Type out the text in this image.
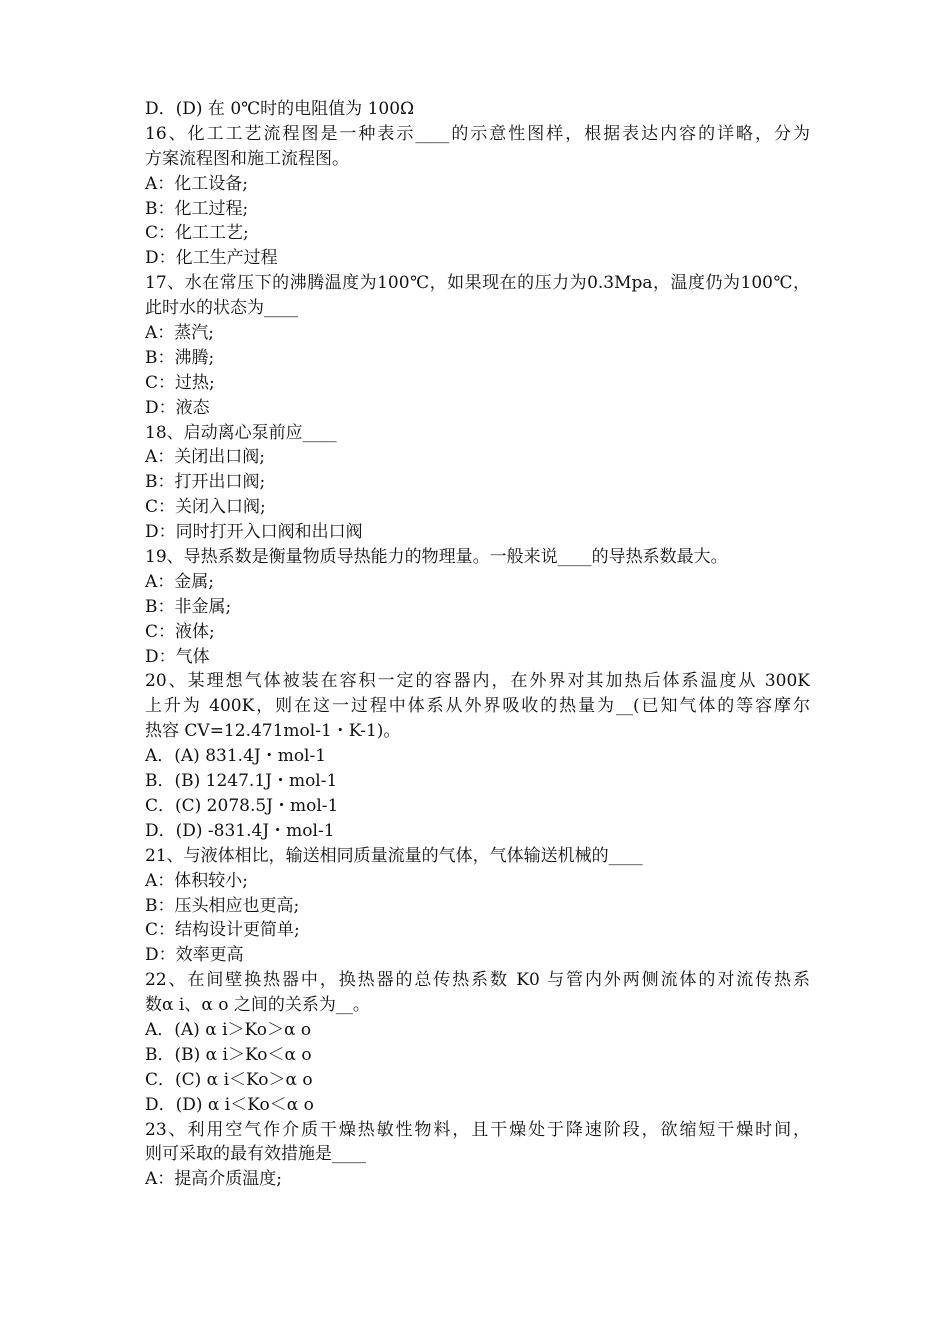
D．(D) 在 0℃时的电阻值为 100Ω
16、化工工艺流程图是一种表示____的示意性图样，根据表达内容的详略，分为
方案流程图和施工流程图。
A：化工设备;
B：化工过程;
C：化工工艺;
D：化工生产过程
17、水在常压下的沸腾温度为100℃，如果现在的压力为0.3Mpa，温度仍为100℃，
此时水的状态为____
A：蒸汽;
B：沸腾;
C：过热;
D：液态
18、启动离心泵前应____
A：关闭出口阀;
B：打开出口阀;
C：关闭入口阀;
D：同时打开入口阀和出口阀
19、导热系数是衡量物质导热能力的物理量。一般来说____的导热系数最大。
A：金属;
B：非金属;
C：液体;
D：气体
20、某理想气体被装在容积一定的容器内，在外界对其加热后体系温度从 300K
上升为 400K，则在这一过程中体系从外界吸收的热量为__(已知气体的等容摩尔
热容 CV=12.471mol-1・K-1)。
A．(A) 831.4J・mol-1
B．(B) 1247.1J・mol-1
C．(C) 2078.5J・mol-1
D．(D) -831.4J・mol-1
21、与液体相比，输送相同质量流量的气体，气体输送机械的____
A：体积较小;
B：压头相应也更高;
C：结构设计更简单;
D：效率更高
22、在间壁换热器中，换热器的总传热系数 K0 与管内外两侧流体的对流传热系
数α i、α o 之间的关系为__。
A．(A) α i＞Ko＞α o
B．(B) α i＞Ko＜α o
C．(C) α i＜Ko＞α o
D．(D) α i＜Ko＜α o
23、利用空气作介质干燥热敏性物料，且干燥处于降速阶段，欲缩短干燥时间，
则可采取的最有效措施是____
A：提高介质温度;
